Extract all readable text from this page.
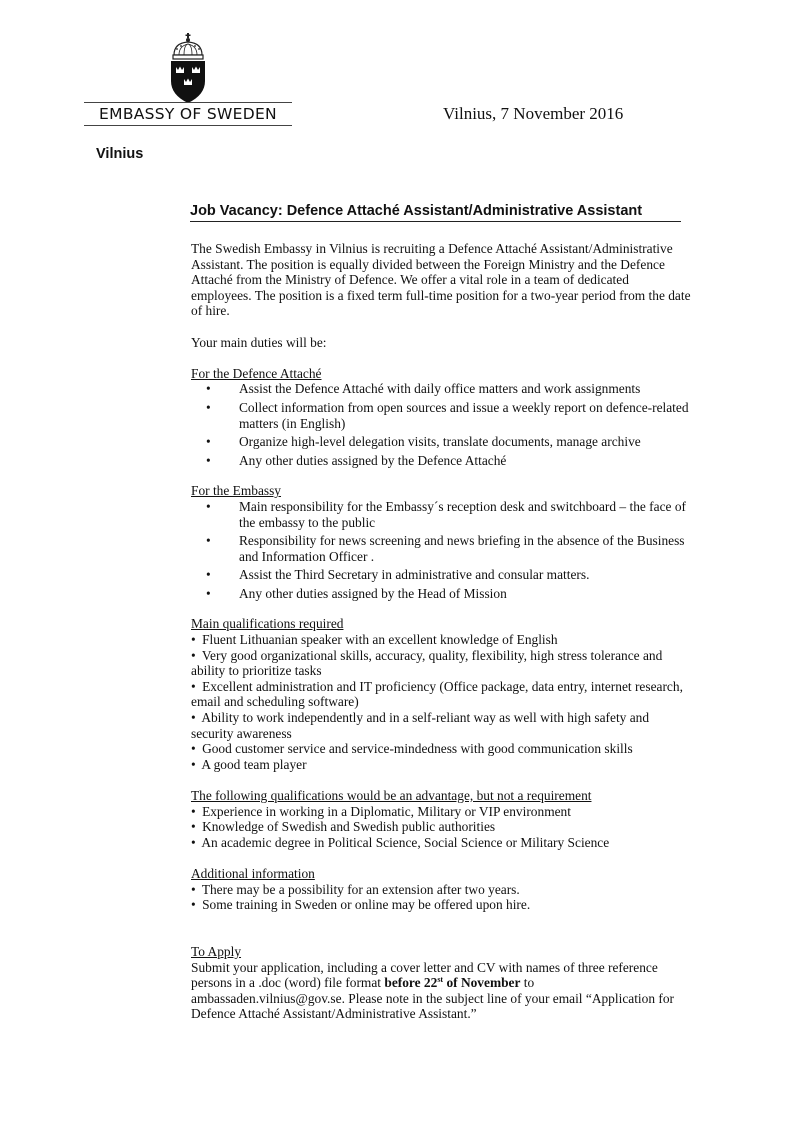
EMBASSY OF SWEDEN	Vilnius, 7 November 2016
Vilnius
Job Vacancy: Defence Attaché Assistant/Administrative Assistant

The Swedish Embassy in Vilnius is recruiting a Defence Attaché Assistant/Administrative Assistant. The position is equally divided between the Foreign Ministry and the Defence Attaché from the Ministry of Defence. We offer a vital role in a team of dedicated employees. The position is a fixed term full-time position for a two-year period from the date of hire.

Your main duties will be:

For the Defence Attaché

• Assist the Defence Attaché with daily office matters and work assignments
• Collect information from open sources and issue a weekly report on defence-related matters (in English)
• Organize high-level delegation visits, translate documents, manage archive
• Any other duties assigned by the Defence Attaché

For the Embassy

• Main responsibility for the Embassy´s reception desk and switchboard – the face of the embassy to the public
• Responsibility for news screening and news briefing in the absence of the Business and Information Officer .
• Assist the Third Secretary in administrative and consular matters.
• Any other duties assigned by the Head of Mission

Main qualifications required

• Fluent Lithuanian speaker with an excellent knowledge of English
• Very good organizational skills, accuracy, quality, flexibility, high stress tolerance and ability to prioritize tasks
• Excellent administration and IT proficiency (Office package, data entry, internet research, email and scheduling software)
• Ability to work independently and in a self-reliant way as well with high safety and security awareness
• Good customer service and service-mindedness with good communication skills
• A good team player

The following qualifications would be an advantage, but not a requirement

• Experience in working in a Diplomatic, Military or VIP environment
• Knowledge of Swedish and Swedish public authorities
• An academic degree in Political Science, Social Science or Military Science

Additional information

• There may be a possibility for an extension after two years.
• Some training in Sweden or online may be offered upon hire.

To Apply

Submit your application, including a cover letter and CV with names of three reference persons in a .doc (word) file format before 22st of November to ambassaden.vilnius@gov.se. Please note in the subject line of your email “Application for Defence Attaché Assistant/Administrative Assistant.”
